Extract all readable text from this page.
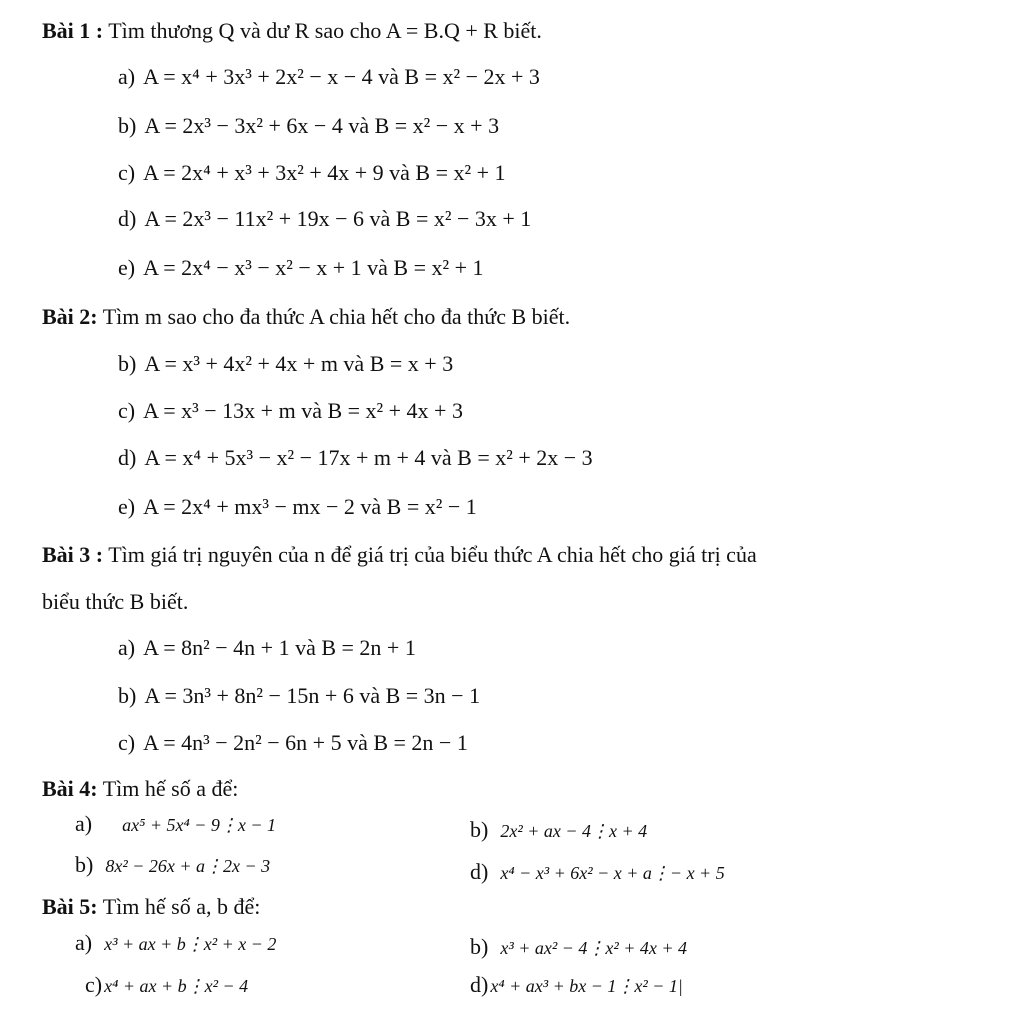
Bài 1 : Tìm thương Q và dư R sao cho A = B.Q + R biết.
a) A = x⁴ + 3x³ + 2x² − x − 4 và B = x² − 2x + 3
b) A = 2x³ − 3x² + 6x − 4 và B = x² − x + 3
c) A = 2x⁴ + x³ + 3x² + 4x + 9 và B = x² + 1
d) A = 2x³ − 11x² + 19x − 6 và B = x² − 3x + 1
e) A = 2x⁴ − x³ − x² − x + 1 và B = x² + 1
Bài 2: Tìm m sao cho đa thức A chia hết cho đa thức B biết.
b) A = x³ + 4x² + 4x + m và B = x + 3
c) A = x³ − 13x + m và B = x² + 4x + 3
d) A = x⁴ + 5x³ − x² − 17x + m + 4 và B = x² + 2x − 3
e) A = 2x⁴ + mx³ − mx − 2 và B = x² − 1
Bài 3 : Tìm giá trị nguyên của n để giá trị của biểu thức A chia hết cho giá trị của
biểu thức B biết.
a) A = 8n² − 4n + 1 và B = 2n + 1
b) A = 3n³ + 8n² − 15n + 6 và B = 3n − 1
c) A = 4n³ − 2n² − 6n + 5 và B = 2n − 1
Bài 4: Tìm hế số a để:
a) ax⁵ + 5x⁴ − 9⋮x − 1	b) 2x² + ax − 4⋮x + 4
b) 8x² − 26x + a⋮2x − 3	d) x⁴ − x³ + 6x² − x + a⋮− x + 5
Bài 5: Tìm hế số a, b để:
a) x³ + ax + b⋮x² + x − 2	b) x³ + ax² − 4⋮x² + 4x + 4
c) x⁴ + ax + b⋮x² − 4	d) x⁴ + ax³ + bx − 1⋮x² − 1|
